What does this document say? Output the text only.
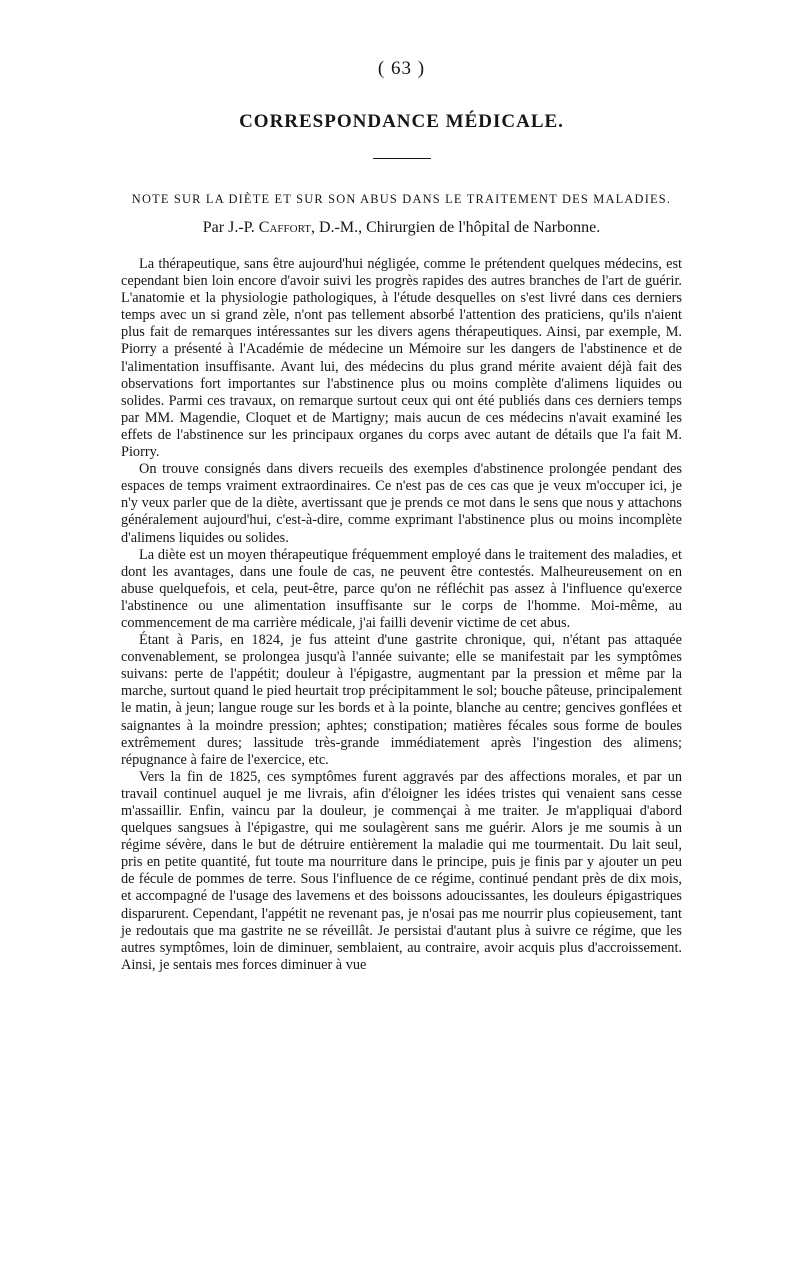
( 63 )
CORRESPONDANCE MÉDICALE.
NOTE SUR LA DIÈTE ET SUR SON ABUS DANS LE TRAITEMENT DES MALADIES.
Par J.-P. Caffort, D.-M., Chirurgien de l'hôpital de Narbonne.

La thérapeutique, sans être aujourd'hui négligée, comme le prétendent quelques médecins, est cependant bien loin encore d'avoir suivi les progrès rapides des autres branches de l'art de guérir. L'anatomie et la physiologie pathologiques, à l'étude desquelles on s'est livré dans ces derniers temps avec un si grand zèle, n'ont pas tellement absorbé l'attention des praticiens, qu'ils n'aient plus fait de remarques intéressantes sur les divers agens thérapeutiques. Ainsi, par exemple, M. Piorry a présenté à l'Académie de médecine un Mémoire sur les dangers de l'abstinence et de l'alimentation insuffisante. Avant lui, des médecins du plus grand mérite avaient déjà fait des observations fort importantes sur l'abstinence plus ou moins complète d'alimens liquides ou solides. Parmi ces travaux, on remarque surtout ceux qui ont été publiés dans ces derniers temps par MM. Magendie, Cloquet et de Martigny; mais aucun de ces médecins n'avait examiné les effets de l'abstinence sur les principaux organes du corps avec autant de détails que l'a fait M. Piorry.

On trouve consignés dans divers recueils des exemples d'abstinence prolongée pendant des espaces de temps vraiment extraordinaires. Ce n'est pas de ces cas que je veux m'occuper ici, je n'y veux parler que de la diète, avertissant que je prends ce mot dans le sens que nous y attachons généralement aujourd'hui, c'est-à-dire, comme exprimant l'abstinence plus ou moins incomplète d'alimens liquides ou solides.

La diète est un moyen thérapeutique fréquemment employé dans le traitement des maladies, et dont les avantages, dans une foule de cas, ne peuvent être contestés. Malheureusement on en abuse quelquefois, et cela, peut-être, parce qu'on ne réfléchit pas assez à l'influence qu'exerce l'abstinence ou une alimentation insuffisante sur le corps de l'homme. Moi-même, au commencement de ma carrière médicale, j'ai failli devenir victime de cet abus.

Étant à Paris, en 1824, je fus atteint d'une gastrite chronique, qui, n'étant pas attaquée convenablement, se prolongea jusqu'à l'année suivante; elle se manifestait par les symptômes suivans: perte de l'appétit; douleur à l'épigastre, augmentant par la pression et même par la marche, surtout quand le pied heurtait trop précipitamment le sol; bouche pâteuse, principalement le matin, à jeun; langue rouge sur les bords et à la pointe, blanche au centre; gencives gonflées et saignantes à la moindre pression; aphtes; constipation; matières fécales sous forme de boules extrêmement dures; lassitude très-grande immédiatement après l'ingestion des alimens; répugnance à faire de l'exercice, etc.

Vers la fin de 1825, ces symptômes furent aggravés par des affections morales, et par un travail continuel auquel je me livrais, afin d'éloigner les idées tristes qui venaient sans cesse m'assaillir. Enfin, vaincu par la douleur, je commençai à me traiter. Je m'appliquai d'abord quelques sangsues à l'épigastre, qui me soulagèrent sans me guérir. Alors je me soumis à un régime sévère, dans le but de détruire entièrement la maladie qui me tourmentait. Du lait seul, pris en petite quantité, fut toute ma nourriture dans le principe, puis je finis par y ajouter un peu de fécule de pommes de terre. Sous l'influence de ce régime, continué pendant près de dix mois, et accompagné de l'usage des lavemens et des boissons adoucissantes, les douleurs épigastriques disparurent. Cependant, l'appétit ne revenant pas, je n'osai pas me nourrir plus copieusement, tant je redoutais que ma gastrite ne se réveillât. Je persistai d'autant plus à suivre ce régime, que les autres symptômes, loin de diminuer, semblaient, au contraire, avoir acquis plus d'accroissement. Ainsi, je sentais mes forces diminuer à vue
